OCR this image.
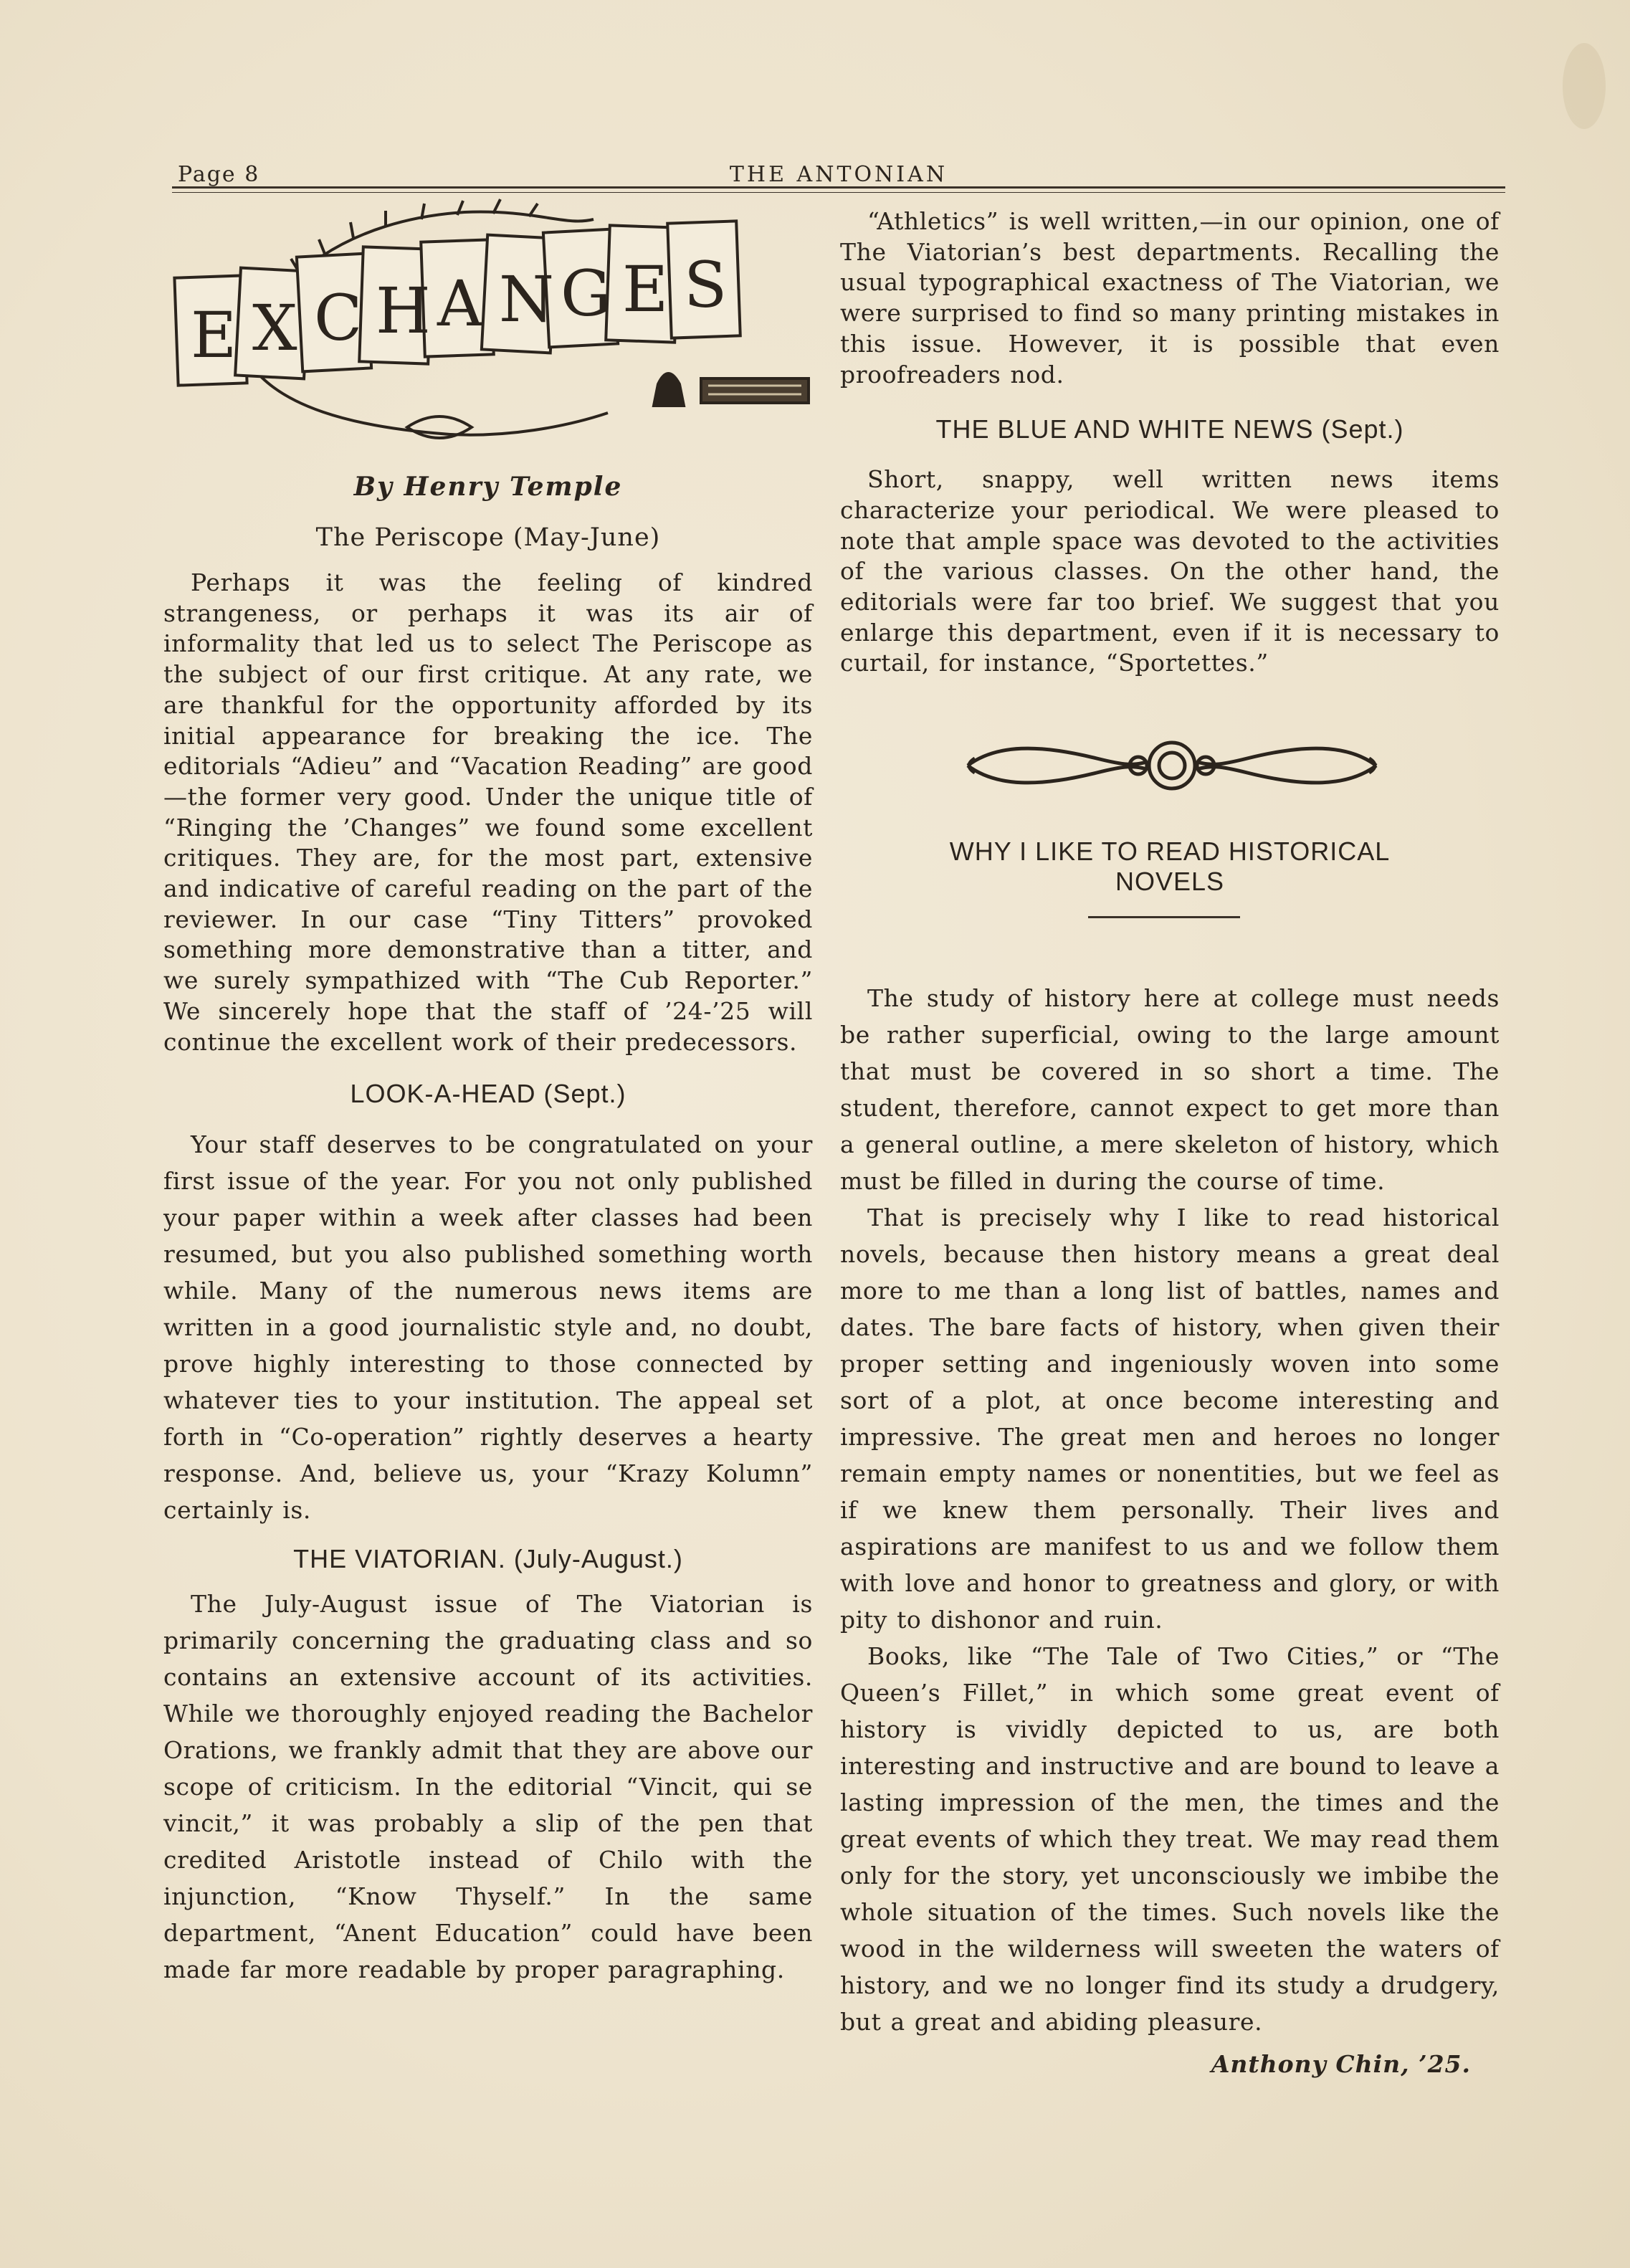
Page 8	THE ANTONIAN
E X C H A N G E S

By Henry Temple

The Periscope (May-June)

Perhaps it was the feeling of kindred strangeness, or perhaps it was its air of informality that led us to select The Periscope as the subject of our first critique. At any rate, we are thankful for the opportunity afforded by its initial appearance for breaking the ice. The editorials “Adieu” and “Vacation Reading” are good—the former very good. Under the unique title of “Ringing the ’Changes” we found some excellent critiques. They are, for the most part, extensive and indicative of careful reading on the part of the reviewer. In our case “Tiny Titters” provoked something more demonstrative than a titter, and we surely sympathized with “The Cub Reporter.” We sincerely hope that the staff of ’24-’25 will continue the excellent work of their predecessors.

LOOK-A-HEAD (Sept.)

Your staff deserves to be congratulated on your first issue of the year. For you not only published your paper within a week after classes had been resumed, but you also published something worth while. Many of the numerous news items are written in a good journalistic style and, no doubt, prove highly interesting to those connected by whatever ties to your institution. The appeal set forth in “Co-operation” rightly deserves a hearty response. And, believe us, your “Krazy Kolumn” certainly is.

THE VIATORIAN. (July-August.)

The July-August issue of The Viatorian is primarily concerning the graduating class and so contains an extensive account of its activities. While we thoroughly enjoyed reading the Bachelor Orations, we frankly admit that they are above our scope of criticism. In the editorial “Vincit, qui se vincit,” it was probably a slip of the pen that credited Aristotle instead of Chilo with the injunction, “Know Thyself.” In the same department, “Anent Education” could have been made far more readable by proper paragraphing.

“Athletics” is well written,—in our opinion, one of The Viatorian’s best departments. Recalling the usual typographical exactness of The Viatorian, we were surprised to find so many printing mistakes in this issue. However, it is possible that even proofreaders nod.

THE BLUE AND WHITE NEWS (Sept.)

Short, snappy, well written news items characterize your periodical. We were pleased to note that ample space was devoted to the activities of the various classes. On the other hand, the editorials were far too brief. We suggest that you enlarge this department, even if it is necessary to curtail, for instance, “Sportettes.”

WHY I LIKE TO READ HISTORICAL
NOVELS

The study of history here at college must needs be rather superficial, owing to the large amount that must be covered in so short a time. The student, therefore, cannot expect to get more than a general outline, a mere skeleton of history, which must be filled in during the course of time.

That is precisely why I like to read historical novels, because then history means a great deal more to me than a long list of battles, names and dates. The bare facts of history, when given their proper setting and ingeniously woven into some sort of a plot, at once become interesting and impressive. The great men and heroes no longer remain empty names or nonentities, but we feel as if we knew them personally. Their lives and aspirations are manifest to us and we follow them with love and honor to greatness and glory, or with pity to dishonor and ruin.

Books, like “The Tale of Two Cities,” or “The Queen’s Fillet,” in which some great event of history is vividly depicted to us, are both interesting and instructive and are bound to leave a lasting impression of the men, the times and the great events of which they treat. We may read them only for the story, yet unconsciously we imbibe the whole situation of the times. Such novels like the wood in the wilderness will sweeten the waters of history, and we no longer find its study a drudgery, but a great and abiding pleasure.

Anthony Chin, ’25.
